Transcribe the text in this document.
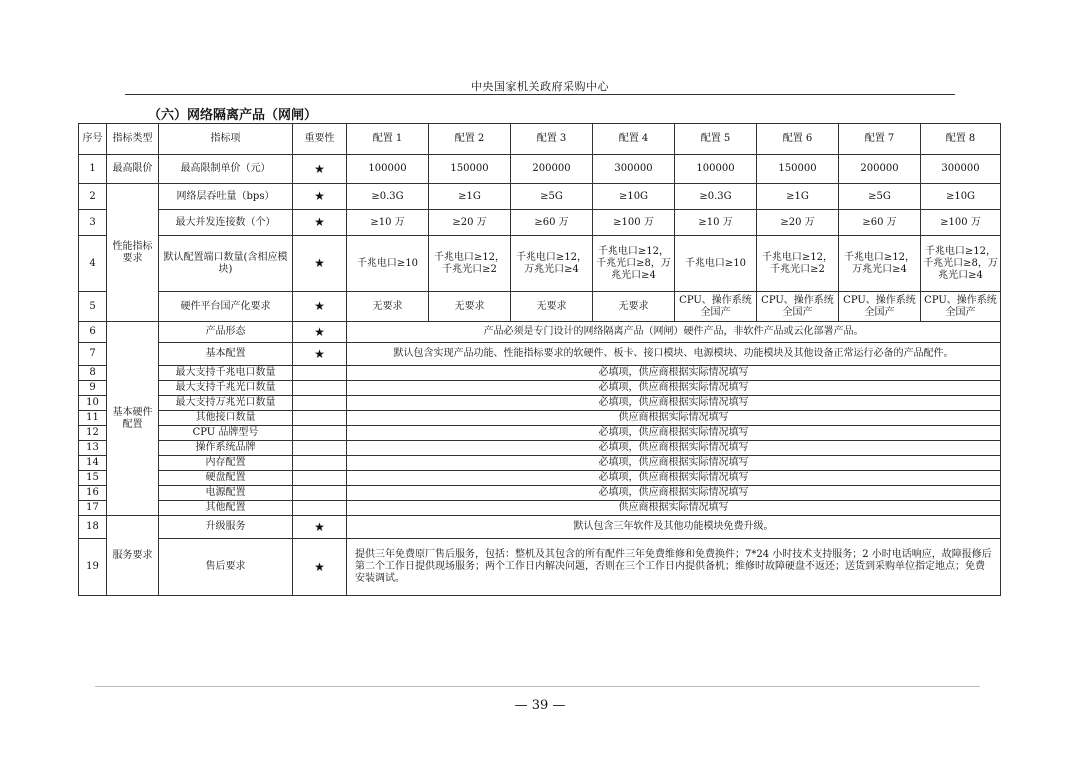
中央国家机关政府采购中心
（六）网络隔离产品（网闸）
序号	指标类型	指标项	重要性	配置 1	配置 2	配置 3	配置 4	配置 5	配置 6	配置 7	配置 8
1	最高限价	最高限制单价（元）	★	100000	150000	200000	300000	100000	150000	200000	300000
2	性能指标要求	网络层吞吐量（bps）	★	≥0.3G	≥1G	≥5G	≥10G	≥0.3G	≥1G	≥5G	≥10G
3		最大并发连接数（个）	★	≥10 万	≥20 万	≥60 万	≥100 万	≥10 万	≥20 万	≥60 万	≥100 万
4		默认配置端口数量(含相应模块)	★	千兆电口≥10	千兆电口≥12，千兆光口≥2	千兆电口≥12，万兆光口≥4	千兆电口≥12，千兆光口≥8，万兆光口≥4	千兆电口≥10	千兆电口≥12，千兆光口≥2	千兆电口≥12，万兆光口≥4	千兆电口≥12，千兆光口≥8，万兆光口≥4
5		硬件平台国产化要求	★	无要求	无要求	无要求	无要求	CPU、操作系统全国产	CPU、操作系统全国产	CPU、操作系统全国产	CPU、操作系统全国产
6	基本硬件配置	产品形态	★	产品必须是专门设计的网络隔离产品（网闸）硬件产品，非软件产品或云化部署产品。							
7		基本配置	★	默认包含实现产品功能、性能指标要求的软硬件、板卡、接口模块、电源模块、功能模块及其他设备正常运行必备的产品配件。							
8		最大支持千兆电口数量		必填项，供应商根据实际情况填写							
9		最大支持千兆光口数量		必填项，供应商根据实际情况填写							
10		最大支持万兆光口数量		必填项，供应商根据实际情况填写							
11		其他接口数量		供应商根据实际情况填写							
12		CPU 品牌型号		必填项，供应商根据实际情况填写							
13		操作系统品牌		必填项，供应商根据实际情况填写							
14		内存配置		必填项，供应商根据实际情况填写							
15		硬盘配置		必填项，供应商根据实际情况填写							
16		电源配置		必填项，供应商根据实际情况填写							
17		其他配置		供应商根据实际情况填写							
18	服务要求	升级服务	★	默认包含三年软件及其他功能模块免费升级。							
19		售后要求	★	提供三年免费原厂售后服务，包括：整机及其包含的所有配件三年免费维修和免费换件；7*24 小时技术支持服务；2 小时电话响应，故障报修后第二个工作日提供现场服务；两个工作日内解决问题，否则在三个工作日内提供备机；维修时故障硬盘不返还；送货到采购单位指定地点；免费安装调试。							
— 39 —
